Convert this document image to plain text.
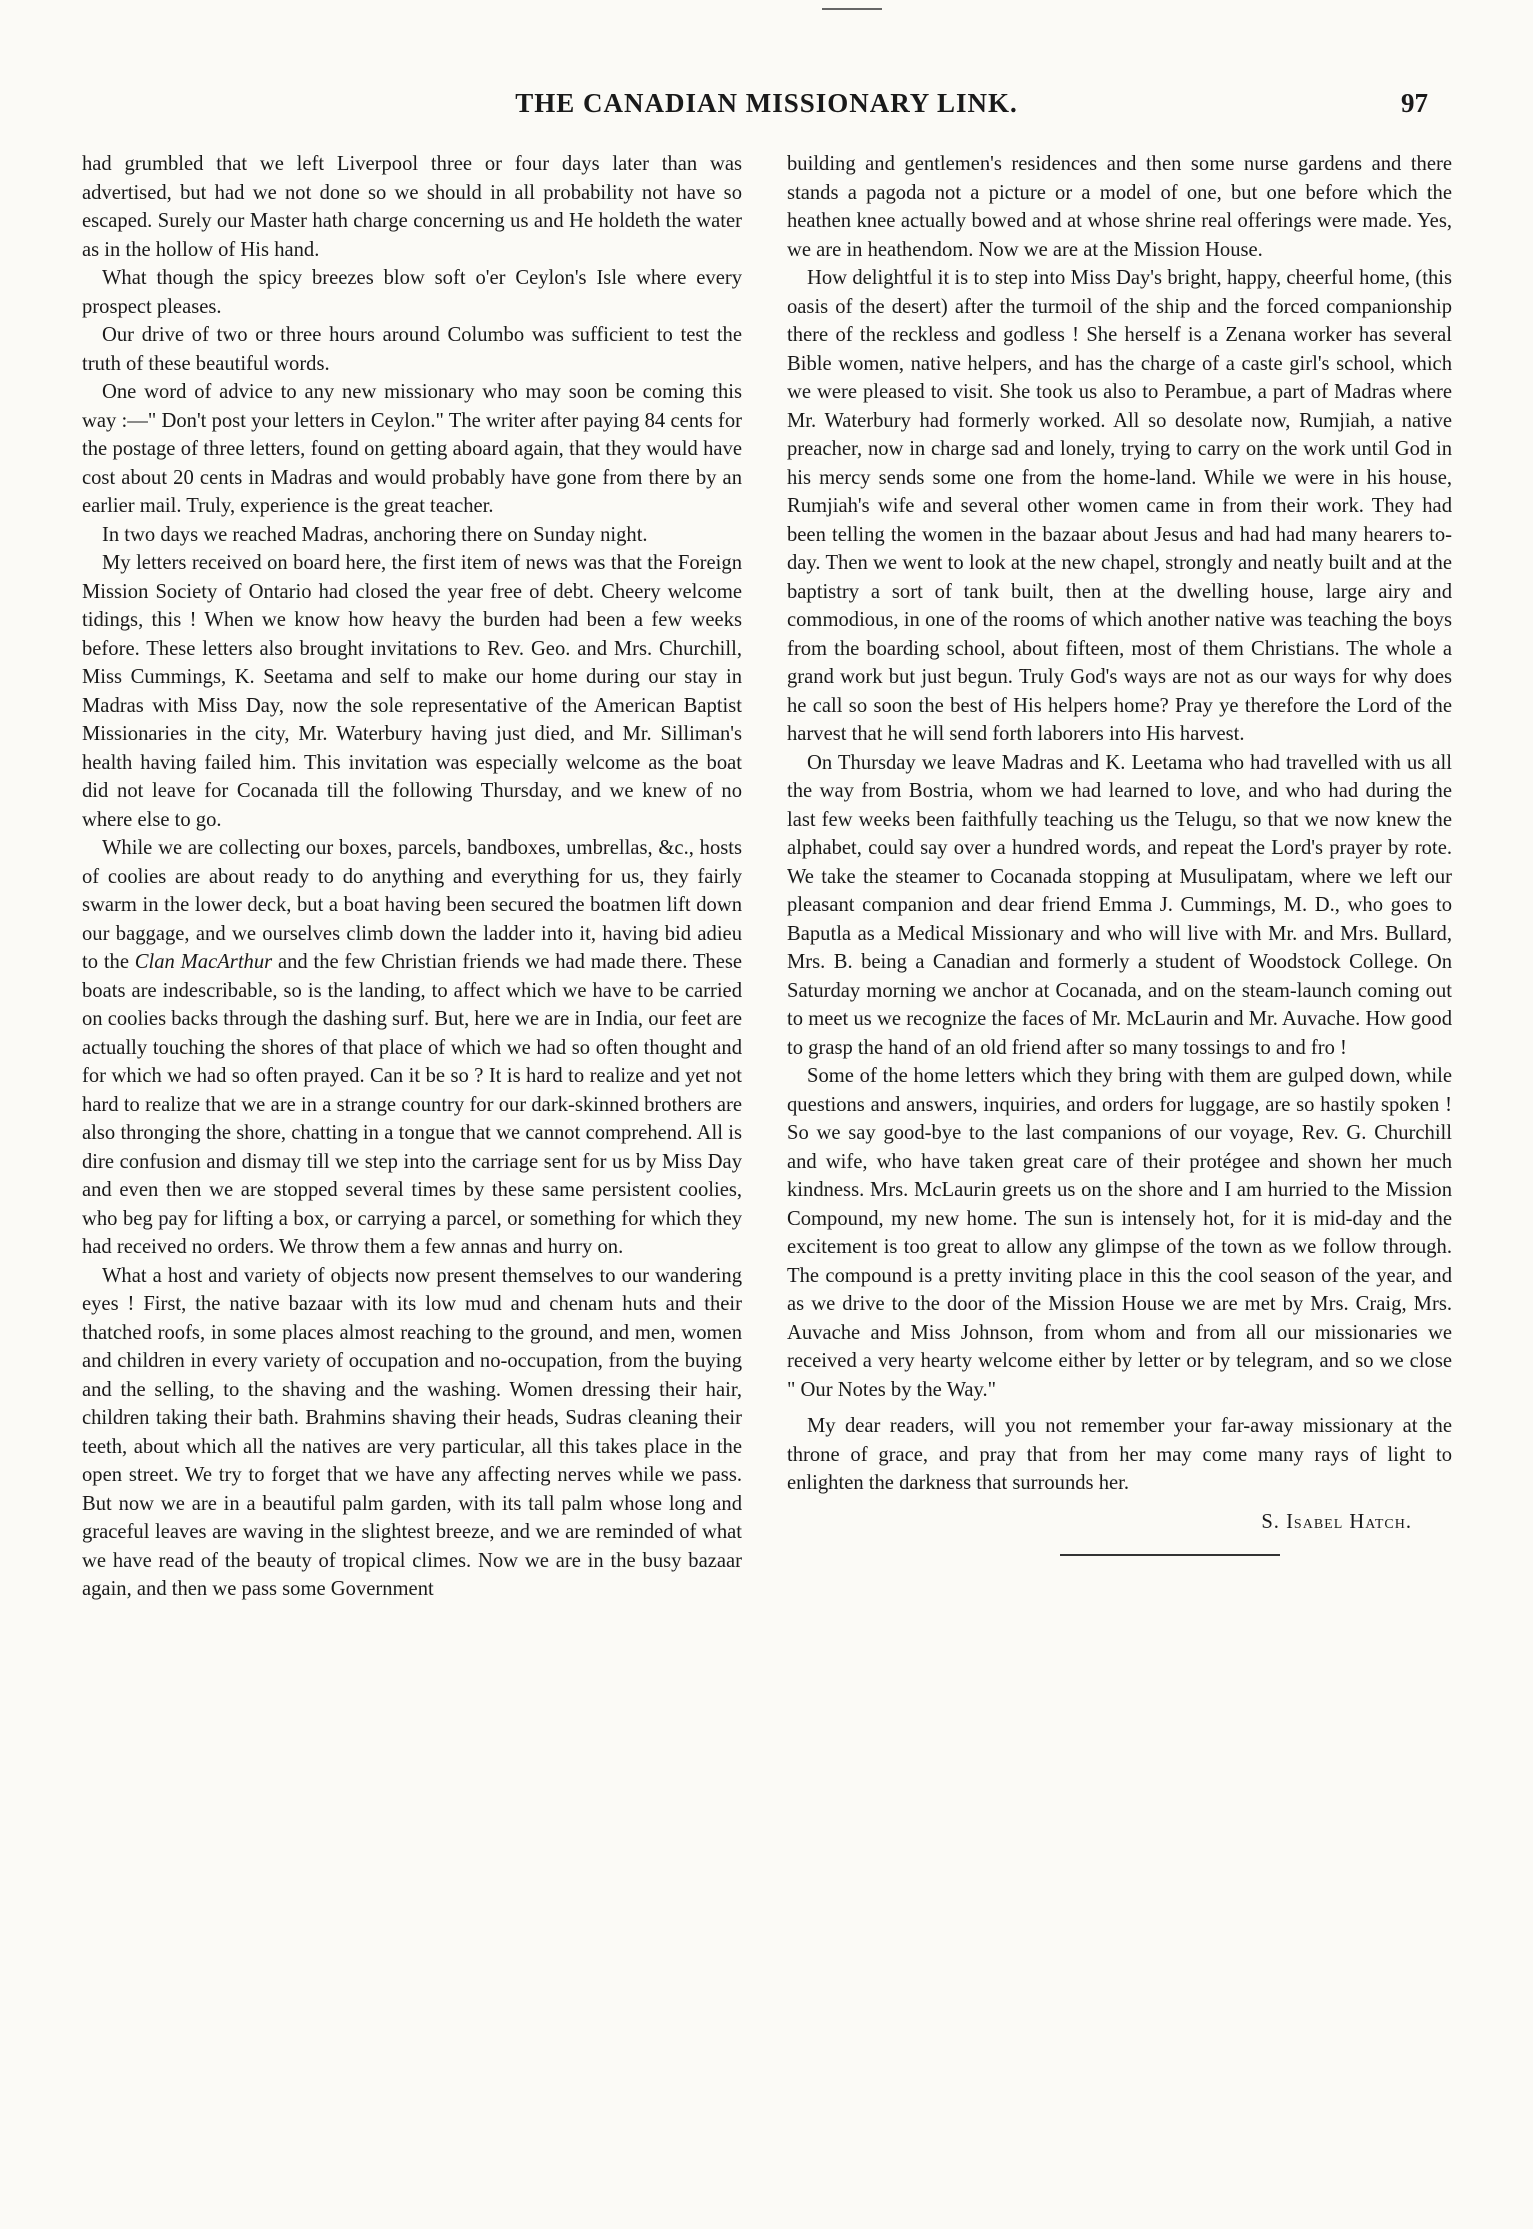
THE CANADIAN MISSIONARY LINK.	97

had grumbled that we left Liverpool three or four days later than was advertised, but had we not done so we should in all probability not have so escaped. Surely our Master hath charge concerning us and He holdeth the water as in the hollow of His hand.

What though the spicy breezes blow soft o'er Ceylon's Isle where every prospect pleases.

Our drive of two or three hours around Columbo was sufficient to test the truth of these beautiful words.

One word of advice to any new missionary who may soon be coming this way :—" Don't post your letters in Ceylon." The writer after paying 84 cents for the postage of three letters, found on getting aboard again, that they would have cost about 20 cents in Madras and would probably have gone from there by an earlier mail. Truly, experience is the great teacher.

In two days we reached Madras, anchoring there on Sunday night.

My letters received on board here, the first item of news was that the Foreign Mission Society of Ontario had closed the year free of debt. Cheery welcome tidings, this ! When we know how heavy the burden had been a few weeks before. These letters also brought invitations to Rev. Geo. and Mrs. Churchill, Miss Cummings, K. Seetama and self to make our home during our stay in Madras with Miss Day, now the sole representative of the American Baptist Missionaries in the city, Mr. Waterbury having just died, and Mr. Silliman's health having failed him. This invitation was especially welcome as the boat did not leave for Cocanada till the following Thursday, and we knew of no where else to go.

While we are collecting our boxes, parcels, bandboxes, umbrellas, &c., hosts of coolies are about ready to do anything and everything for us, they fairly swarm in the lower deck, but a boat having been secured the boatmen lift down our baggage, and we ourselves climb down the ladder into it, having bid adieu to the Clan MacArthur and the few Christian friends we had made there. These boats are indescribable, so is the landing, to affect which we have to be carried on coolies backs through the dashing surf. But, here we are in India, our feet are actually touching the shores of that place of which we had so often thought and for which we had so often prayed. Can it be so ? It is hard to realize and yet not hard to realize that we are in a strange country for our dark-skinned brothers are also thronging the shore, chatting in a tongue that we cannot comprehend. All is dire confusion and dismay till we step into the carriage sent for us by Miss Day and even then we are stopped several times by these same persistent coolies, who beg pay for lifting a box, or carrying a parcel, or something for which they had received no orders. We throw them a few annas and hurry on.

What a host and variety of objects now present themselves to our wandering eyes ! First, the native bazaar with its low mud and chenam huts and their thatched roofs, in some places almost reaching to the ground, and men, women and children in every variety of occupation and no-occupation, from the buying and the selling, to the shaving and the washing. Women dressing their hair, children taking their bath. Brahmins shaving their heads, Sudras cleaning their teeth, about which all the natives are very particular, all this takes place in the open street. We try to forget that we have any affecting nerves while we pass. But now we are in a beautiful palm garden, with its tall palm whose long and graceful leaves are waving in the slightest breeze, and we are reminded of what we have read of the beauty of tropical climes. Now we are in the busy bazaar again, and then we pass some Government

building and gentlemen's residences and then some nurse gardens and there stands a pagoda not a picture or a model of one, but one before which the heathen knee actually bowed and at whose shrine real offerings were made. Yes, we are in heathendom. Now we are at the Mission House.

How delightful it is to step into Miss Day's bright, happy, cheerful home, (this oasis of the desert) after the turmoil of the ship and the forced companionship there of the reckless and godless ! She herself is a Zenana worker has several Bible women, native helpers, and has the charge of a caste girl's school, which we were pleased to visit. She took us also to Perambue, a part of Madras where Mr. Waterbury had formerly worked. All so desolate now, Rumjiah, a native preacher, now in charge sad and lonely, trying to carry on the work until God in his mercy sends some one from the home-land. While we were in his house, Rumjiah's wife and several other women came in from their work. They had been telling the women in the bazaar about Jesus and had had many hearers to-day. Then we went to look at the new chapel, strongly and neatly built and at the baptistry a sort of tank built, then at the dwelling house, large airy and commodious, in one of the rooms of which another native was teaching the boys from the boarding school, about fifteen, most of them Christians. The whole a grand work but just begun. Truly God's ways are not as our ways for why does he call so soon the best of His helpers home? Pray ye therefore the Lord of the harvest that he will send forth laborers into His harvest.

On Thursday we leave Madras and K. Leetama who had travelled with us all the way from Bostria, whom we had learned to love, and who had during the last few weeks been faithfully teaching us the Telugu, so that we now knew the alphabet, could say over a hundred words, and repeat the Lord's prayer by rote. We take the steamer to Cocanada stopping at Musulipatam, where we left our pleasant companion and dear friend Emma J. Cummings, M. D., who goes to Baputla as a Medical Missionary and who will live with Mr. and Mrs. Bullard, Mrs. B. being a Canadian and formerly a student of Woodstock College. On Saturday morning we anchor at Cocanada, and on the steam-launch coming out to meet us we recognize the faces of Mr. McLaurin and Mr. Auvache. How good to grasp the hand of an old friend after so many tossings to and fro !

Some of the home letters which they bring with them are gulped down, while questions and answers, inquiries, and orders for luggage, are so hastily spoken ! So we say good-bye to the last companions of our voyage, Rev. G. Churchill and wife, who have taken great care of their protégee and shown her much kindness. Mrs. McLaurin greets us on the shore and I am hurried to the Mission Compound, my new home. The sun is intensely hot, for it is mid-day and the excitement is too great to allow any glimpse of the town as we follow through. The compound is a pretty inviting place in this the cool season of the year, and as we drive to the door of the Mission House we are met by Mrs. Craig, Mrs. Auvache and Miss Johnson, from whom and from all our missionaries we received a very hearty welcome either by letter or by telegram, and so we close " Our Notes by the Way."

My dear readers, will you not remember your far-away missionary at the throne of grace, and pray that from her may come many rays of light to enlighten the darkness that surrounds her.

S. Isabel Hatch.
